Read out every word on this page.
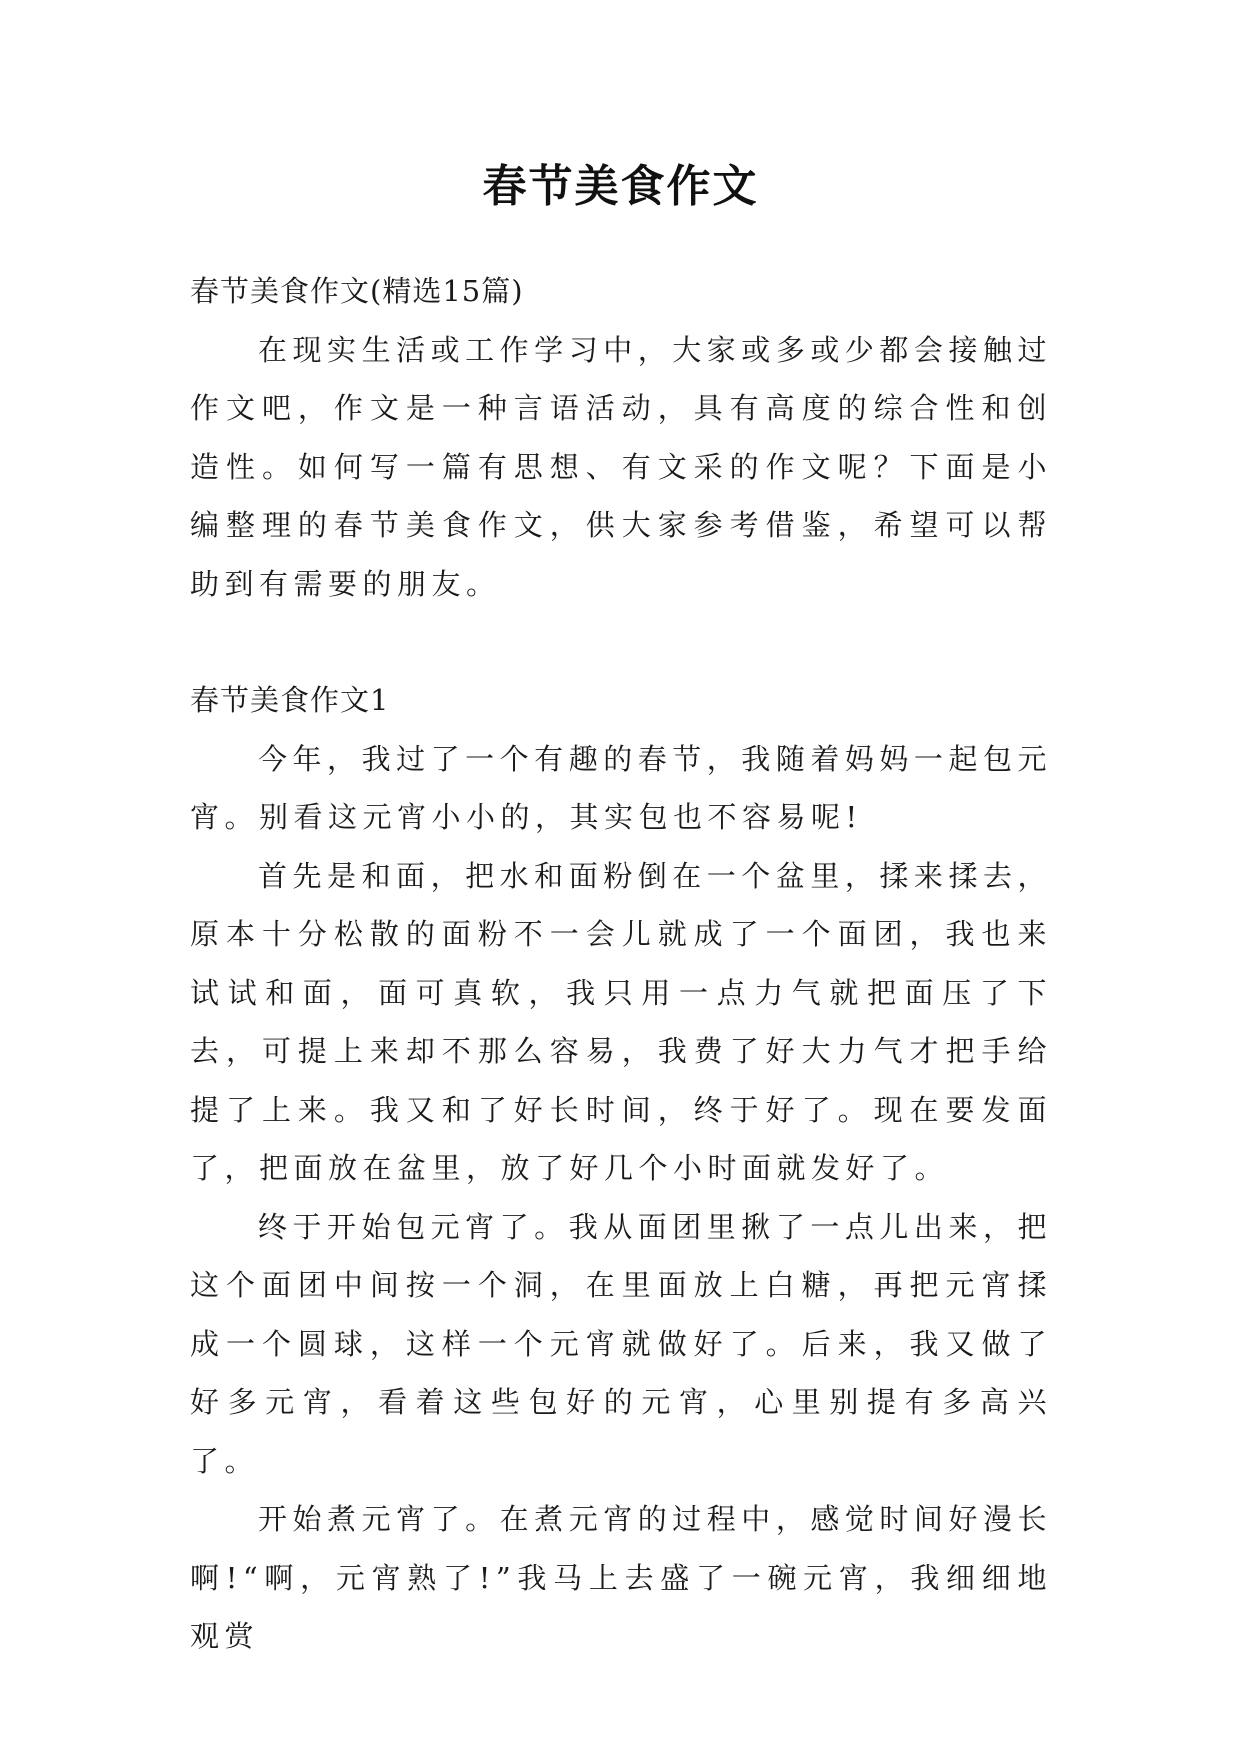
春节美食作文
春节美食作文(精选15篇)

在现实生活或工作学习中，大家或多或少都会接触过作文吧，作文是一种言语活动，具有高度的综合性和创造性。如何写一篇有思想、有文采的作文呢？下面是小编整理的春节美食作文，供大家参考借鉴，希望可以帮助到有需要的朋友。

春节美食作文1

今年，我过了一个有趣的春节，我随着妈妈一起包元宵。别看这元宵小小的，其实包也不容易呢!

首先是和面，把水和面粉倒在一个盆里，揉来揉去，原本十分松散的面粉不一会儿就成了一个面团，我也来试试和面，面可真软，我只用一点力气就把面压了下去，可提上来却不那么容易，我费了好大力气才把手给提了上来。我又和了好长时间，终于好了。现在要发面了，把面放在盆里，放了好几个小时面就发好了。

终于开始包元宵了。我从面团里揪了一点儿出来，把这个面团中间按一个洞，在里面放上白糖，再把元宵揉成一个圆球，这样一个元宵就做好了。后来，我又做了好多元宵，看着这些包好的元宵，心里别提有多高兴了。

开始煮元宵了。在煮元宵的过程中，感觉时间好漫长啊!“啊，元宵熟了!”我马上去盛了一碗元宵，我细细地观赏
